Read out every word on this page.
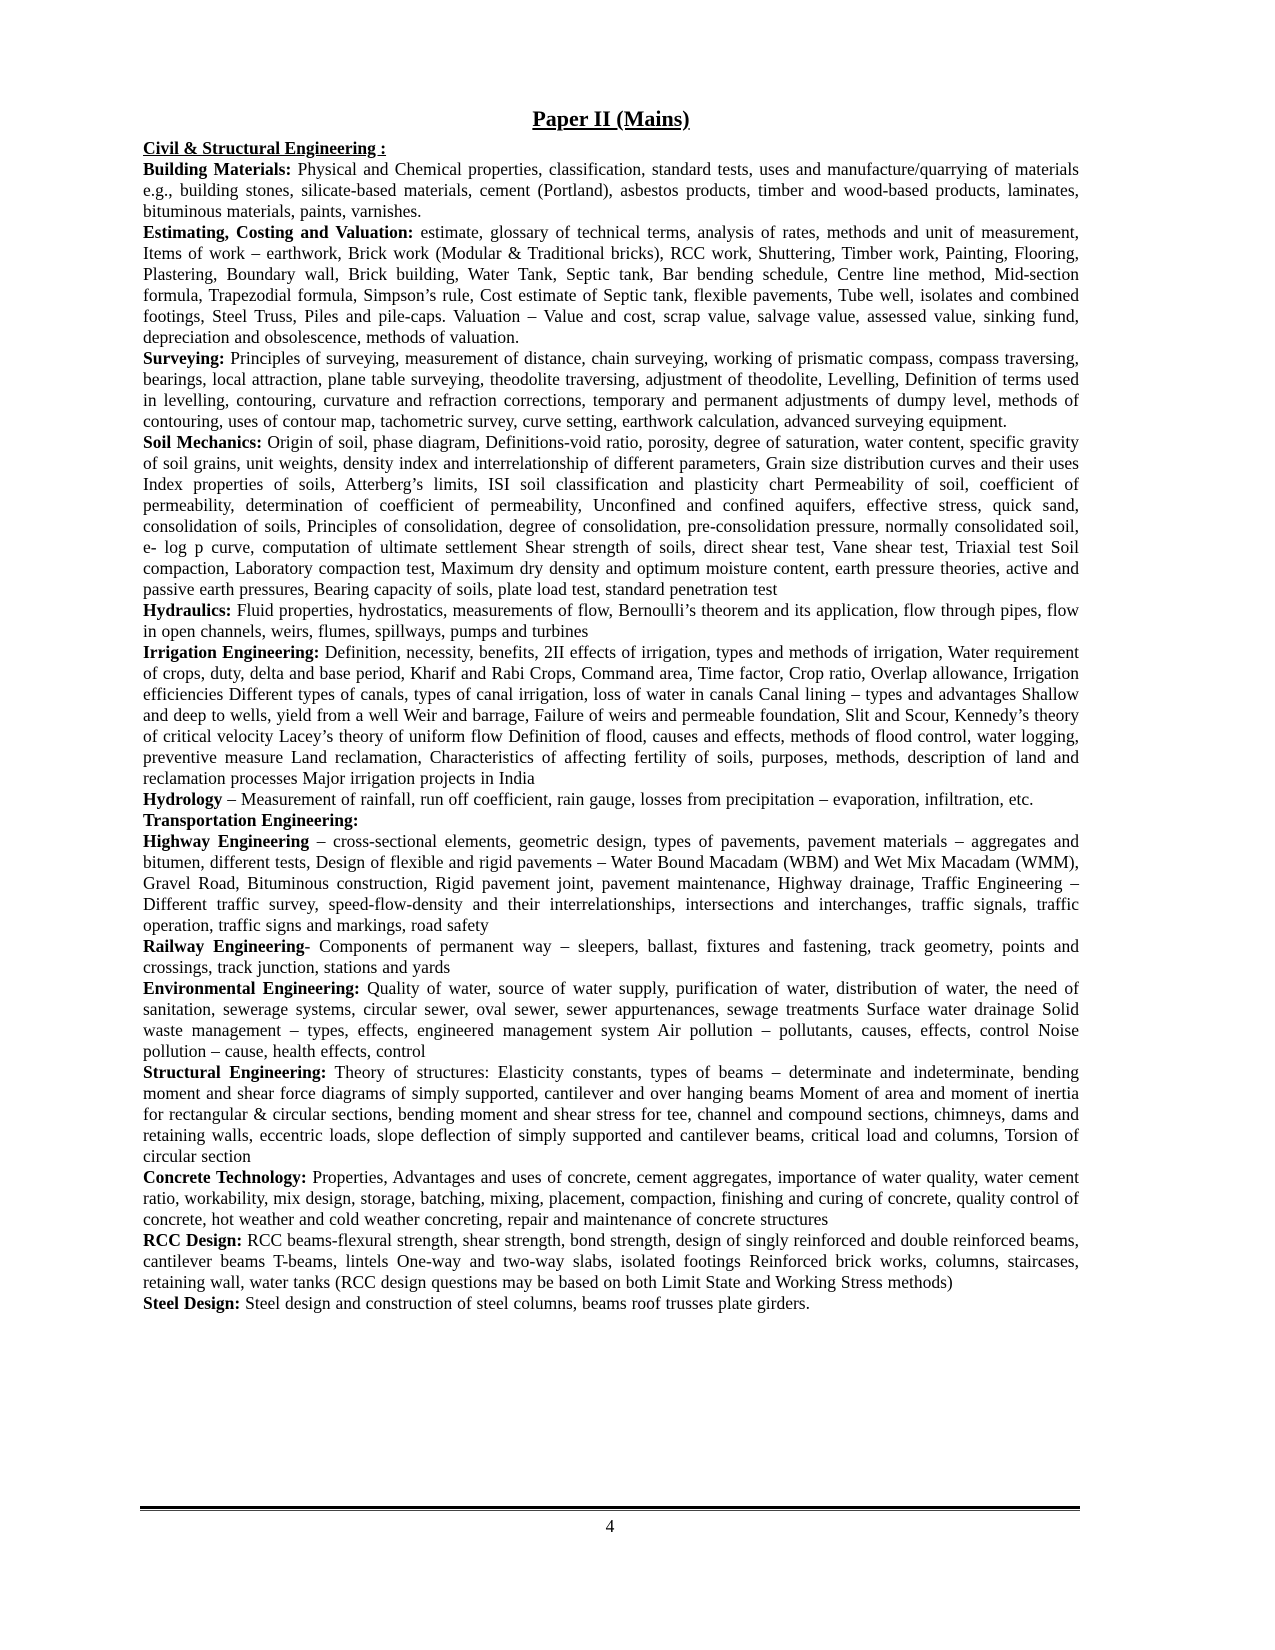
Paper II (Mains)

Civil & Structural Engineering :

Building Materials: Physical and Chemical properties, classification, standard tests, uses and manufacture/quarrying of materials e.g., building stones, silicate-based materials, cement (Portland), asbestos products, timber and wood-based products, laminates, bituminous materials, paints, varnishes.

Estimating, Costing and Valuation: estimate, glossary of technical terms, analysis of rates, methods and unit of measurement, Items of work – earthwork, Brick work (Modular & Traditional bricks), RCC work, Shuttering, Timber work, Painting, Flooring, Plastering, Boundary wall, Brick building, Water Tank, Septic tank, Bar bending schedule, Centre line method, Mid-section formula, Trapezodial formula, Simpson’s rule, Cost estimate of Septic tank, flexible pavements, Tube well, isolates and combined footings, Steel Truss, Piles and pile-caps. Valuation – Value and cost, scrap value, salvage value, assessed value, sinking fund, depreciation and obsolescence, methods of valuation.

Surveying: Principles of surveying, measurement of distance, chain surveying, working of prismatic compass, compass traversing, bearings, local attraction, plane table surveying, theodolite traversing, adjustment of theodolite, Levelling, Definition of terms used in levelling, contouring, curvature and refraction corrections, temporary and permanent adjustments of dumpy level, methods of contouring, uses of contour map, tachometric survey, curve setting, earthwork calculation, advanced surveying equipment.

Soil Mechanics: Origin of soil, phase diagram, Definitions-void ratio, porosity, degree of saturation, water content, specific gravity of soil grains, unit weights, density index and interrelationship of different parameters, Grain size distribution curves and their uses Index properties of soils, Atterberg’s limits, ISI soil classification and plasticity chart Permeability of soil, coefficient of permeability, determination of coefficient of permeability, Unconfined and confined aquifers, effective stress, quick sand, consolidation of soils, Principles of consolidation, degree of consolidation, pre-consolidation pressure, normally consolidated soil, e- log p curve, computation of ultimate settlement Shear strength of soils, direct shear test, Vane shear test, Triaxial test Soil compaction, Laboratory compaction test, Maximum dry density and optimum moisture content, earth pressure theories, active and passive earth pressures, Bearing capacity of soils, plate load test, standard penetration test

Hydraulics: Fluid properties, hydrostatics, measurements of flow, Bernoulli’s theorem and its application, flow through pipes, flow in open channels, weirs, flumes, spillways, pumps and turbines

Irrigation Engineering: Definition, necessity, benefits, 2II effects of irrigation, types and methods of irrigation, Water requirement of crops, duty, delta and base period, Kharif and Rabi Crops, Command area, Time factor, Crop ratio, Overlap allowance, Irrigation efficiencies Different types of canals, types of canal irrigation, loss of water in canals Canal lining – types and advantages Shallow and deep to wells, yield from a well Weir and barrage, Failure of weirs and permeable foundation, Slit and Scour, Kennedy’s theory of critical velocity Lacey’s theory of uniform flow Definition of flood, causes and effects, methods of flood control, water logging, preventive measure Land reclamation, Characteristics of affecting fertility of soils, purposes, methods, description of land and reclamation processes Major irrigation projects in India

Hydrology – Measurement of rainfall, run off coefficient, rain gauge, losses from precipitation – evaporation, infiltration, etc.

Transportation Engineering:

Highway Engineering – cross-sectional elements, geometric design, types of pavements, pavement materials – aggregates and bitumen, different tests, Design of flexible and rigid pavements – Water Bound Macadam (WBM) and Wet Mix Macadam (WMM), Gravel Road, Bituminous construction, Rigid pavement joint, pavement maintenance, Highway drainage, Traffic Engineering – Different traffic survey, speed-flow-density and their interrelationships, intersections and interchanges, traffic signals, traffic operation, traffic signs and markings, road safety

Railway Engineering- Components of permanent way – sleepers, ballast, fixtures and fastening, track geometry, points and crossings, track junction, stations and yards

Environmental Engineering: Quality of water, source of water supply, purification of water, distribution of water, the need of sanitation, sewerage systems, circular sewer, oval sewer, sewer appurtenances, sewage treatments Surface water drainage Solid waste management – types, effects, engineered management system Air pollution – pollutants, causes, effects, control Noise pollution – cause, health effects, control

Structural Engineering: Theory of structures: Elasticity constants, types of beams – determinate and indeterminate, bending moment and shear force diagrams of simply supported, cantilever and over hanging beams Moment of area and moment of inertia for rectangular & circular sections, bending moment and shear stress for tee, channel and compound sections, chimneys, dams and retaining walls, eccentric loads, slope deflection of simply supported and cantilever beams, critical load and columns, Torsion of circular section

Concrete Technology: Properties, Advantages and uses of concrete, cement aggregates, importance of water quality, water cement ratio, workability, mix design, storage, batching, mixing, placement, compaction, finishing and curing of concrete, quality control of concrete, hot weather and cold weather concreting, repair and maintenance of concrete structures

RCC Design: RCC beams-flexural strength, shear strength, bond strength, design of singly reinforced and double reinforced beams, cantilever beams T-beams, lintels One-way and two-way slabs, isolated footings Reinforced brick works, columns, staircases, retaining wall, water tanks (RCC design questions may be based on both Limit State and Working Stress methods)

Steel Design: Steel design and construction of steel columns, beams roof trusses plate girders.

4
